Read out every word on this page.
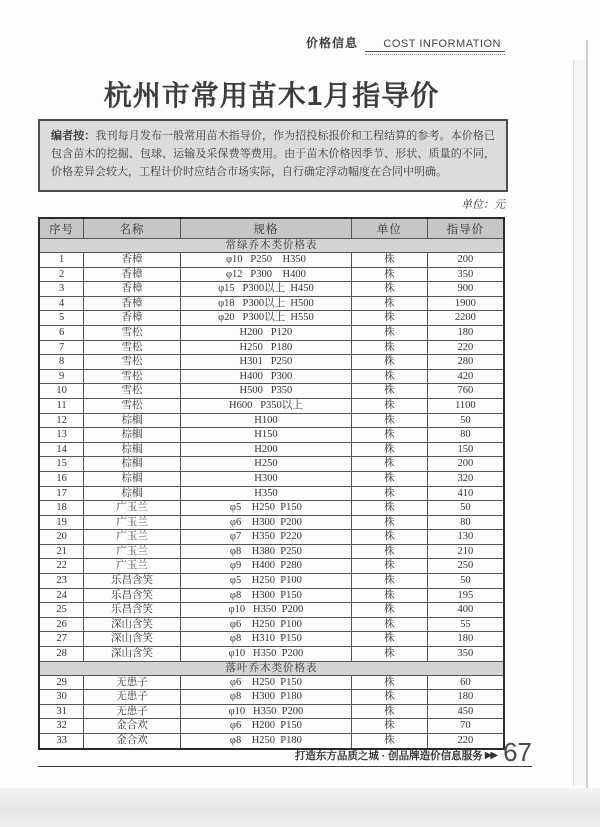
价格信息 COST INFORMATION
杭州市常用苗木1月指导价
编者按：我刊每月发布一般常用苗木指导价，作为招投标报价和工程结算的参考。本价格已包含苗木的挖掘、包球、运输及采保费等费用。由于苗木价格因季节、形状、质量的不同，价格差异会较大，工程计价时应结合市场实际，自行确定浮动幅度在合同中明确。
单位：元
序号	名称	规格	单位	指导价
常绿乔木类价格表				
1	香樟	φ10   P250    H350	株	200
2	香樟	φ12   P300    H400	株	350
3	香樟	φ15   P300以上  H450	株	900
4	香樟	φ18   P300以上  H500	株	1900
5	香樟	φ20   P300以上  H550	株	2200
6	雪松	H200   P120	株	180
7	雪松	H250   P180	株	220
8	雪松	H301   P250	株	280
9	雪松	H400   P300	株	420
10	雪松	H500   P350	株	760
11	雪松	H600   P350以上	株	1100
12	棕榈	H100	株	50
13	棕榈	H150	株	80
14	棕榈	H200	株	150
15	棕榈	H250	株	200
16	棕榈	H300	株	320
17	棕榈	H350	株	410
18	广玉兰	φ5    H250  P150	株	50
19	广玉兰	φ6    H300  P200	株	80
20	广玉兰	φ7    H350  P220	株	130
21	广玉兰	φ8    H380  P250	株	210
22	广玉兰	φ9    H400  P280	株	250
23	乐昌含笑	φ5    H250  P100	株	50
24	乐昌含笑	φ8    H300  P150	株	195
25	乐昌含笑	φ10   H350  P200	株	400
26	深山含笑	φ6    H250  P100	株	55
27	深山含笑	φ8    H310  P150	株	180
28	深山含笑	φ10   H350  P200	株	350
落叶乔木类价格表				
29	无患子	φ6    H250  P150	株	60
30	无患子	φ8    H300  P180	株	180
31	无患子	φ10   H350  P200	株	450
32	金合欢	φ6    H200  P150	株	70
33	金合欢	φ8    H250  P180	株	220
打造东方品质之城 · 创品牌造价信息服务 ▶▶ 67
